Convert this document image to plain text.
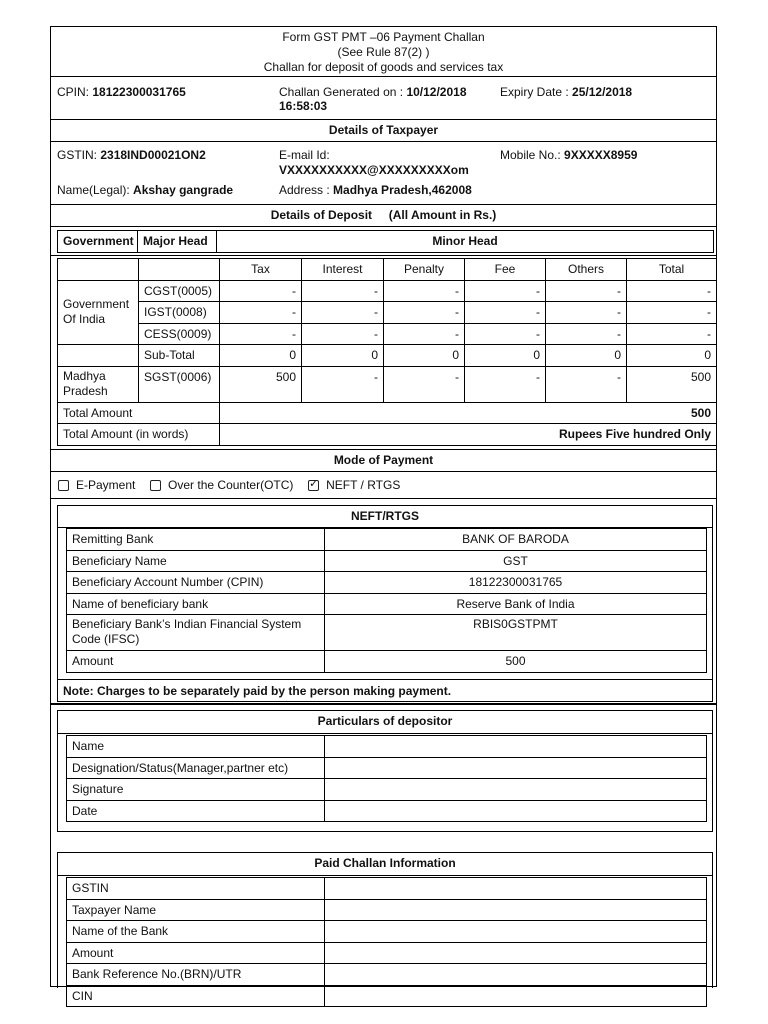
Form GST PMT –06 Payment Challan
(See Rule 87(2) )
Challan for deposit of goods and services tax
CPIN: 18122300031765	Challan Generated on : 10/12/2018
16:58:03
Expiry Date : 25/12/2018
Details of Taxpayer
GSTIN: 2318IND00021ON2	E-mail Id:
VXXXXXXXXXX@XXXXXXXXXom
Mobile No.: 9XXXXX8959
Name(Legal): Akshay gangrade	Address : Madhya Pradesh,462008
Details of Deposit (All Amount in Rs.)
Government	Major Head	Minor Head
		Tax	Interest	Penalty	Fee	Others	Total
Government Of India	CGST(0005)	-	-	-	-	-	-
	IGST(0008)	-	-	-	-	-	-
	CESS(0009)	-	-	-	-	-	-
	Sub-Total	0	0	0	0	0	0
Madhya Pradesh	SGST(0006)	500	-	-	-	-	500
Total Amount		500					
Total Amount (in words)		Rupees Five hundred Only					
Mode of Payment
E-Payment	Over the Counter(OTC) ✓ NEFT / RTGS
NEFT/RTGS
Remitting Bank	BANK OF BARODA
Beneficiary Name	GST
Beneficiary Account Number (CPIN)	18122300031765
Name of beneficiary bank	Reserve Bank of India
Beneficiary Bank’s Indian Financial System Code (IFSC)	RBIS0GSTPMT
Amount	500
Note: Charges to be separately paid by the person making payment.
Particulars of depositor
Name	
Designation/Status(Manager,partner etc)	
Signature	
Date	
Paid Challan Information
GSTIN	
Taxpayer Name	
Name of the Bank	
Amount	
Bank Reference No.(BRN)/UTR	
CIN	
